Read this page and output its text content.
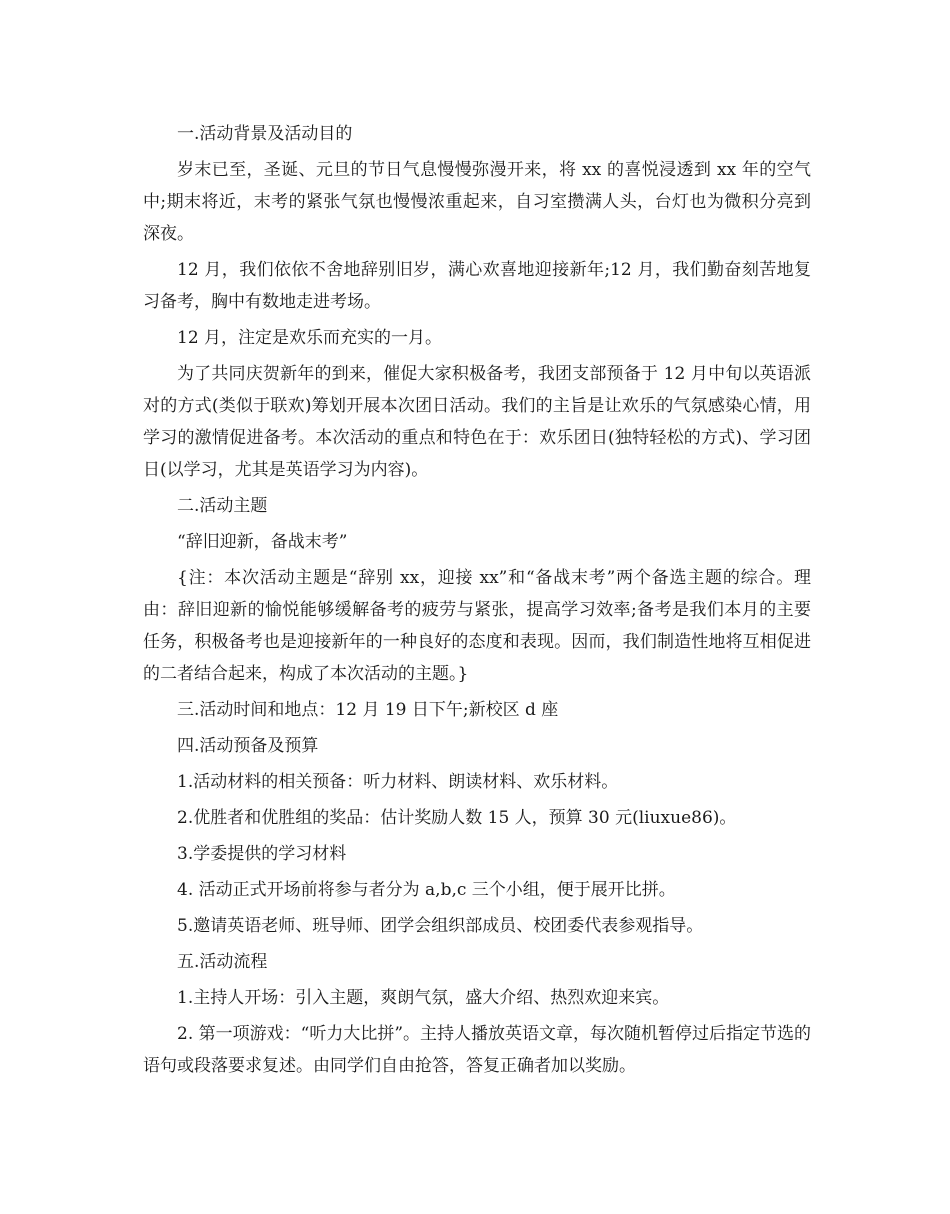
一.活动背景及活动目的

岁末已至，圣诞、元旦的节日气息慢慢弥漫开来，将 xx 的喜悦浸透到 xx 年的空气中;期末将近，末考的紧张气氛也慢慢浓重起来，自习室攒满人头，台灯也为微积分亮到深夜。

12 月，我们依依不舍地辞别旧岁，满心欢喜地迎接新年;12 月，我们勤奋刻苦地复习备考，胸中有数地走进考场。

12 月，注定是欢乐而充实的一月。

为了共同庆贺新年的到来，催促大家积极备考，我团支部预备于 12 月中旬以英语派对的方式(类似于联欢)筹划开展本次团日活动。我们的主旨是让欢乐的气氛感染心情，用学习的激情促进备考。本次活动的重点和特色在于：欢乐团日(独特轻松的方式)、学习团日(以学习，尤其是英语学习为内容)。

二.活动主题

“辞旧迎新，备战末考”

{注：本次活动主题是“辞别 xx，迎接 xx”和“备战末考”两个备选主题的综合。理由：辞旧迎新的愉悦能够缓解备考的疲劳与紧张，提高学习效率;备考是我们本月的主要任务，积极备考也是迎接新年的一种良好的态度和表现。因而，我们制造性地将互相促进的二者结合起来，构成了本次活动的主题。}

三.活动时间和地点：12 月 19 日下午;新校区 d 座

四.活动预备及预算

1.活动材料的相关预备：听力材料、朗读材料、欢乐材料。

2.优胜者和优胜组的奖品：估计奖励人数 15 人，预算 30 元(liuxue86)。

3.学委提供的学习材料

4. 活动正式开场前将参与者分为 a,b,c 三个小组，便于展开比拼。

5.邀请英语老师、班导师、团学会组织部成员、校团委代表参观指导。

五.活动流程

1.主持人开场：引入主题，爽朗气氛，盛大介绍、热烈欢迎来宾。

2. 第一项游戏：“听力大比拼”。主持人播放英语文章，每次随机暂停过后指定节选的语句或段落要求复述。由同学们自由抢答，答复正确者加以奖励。
